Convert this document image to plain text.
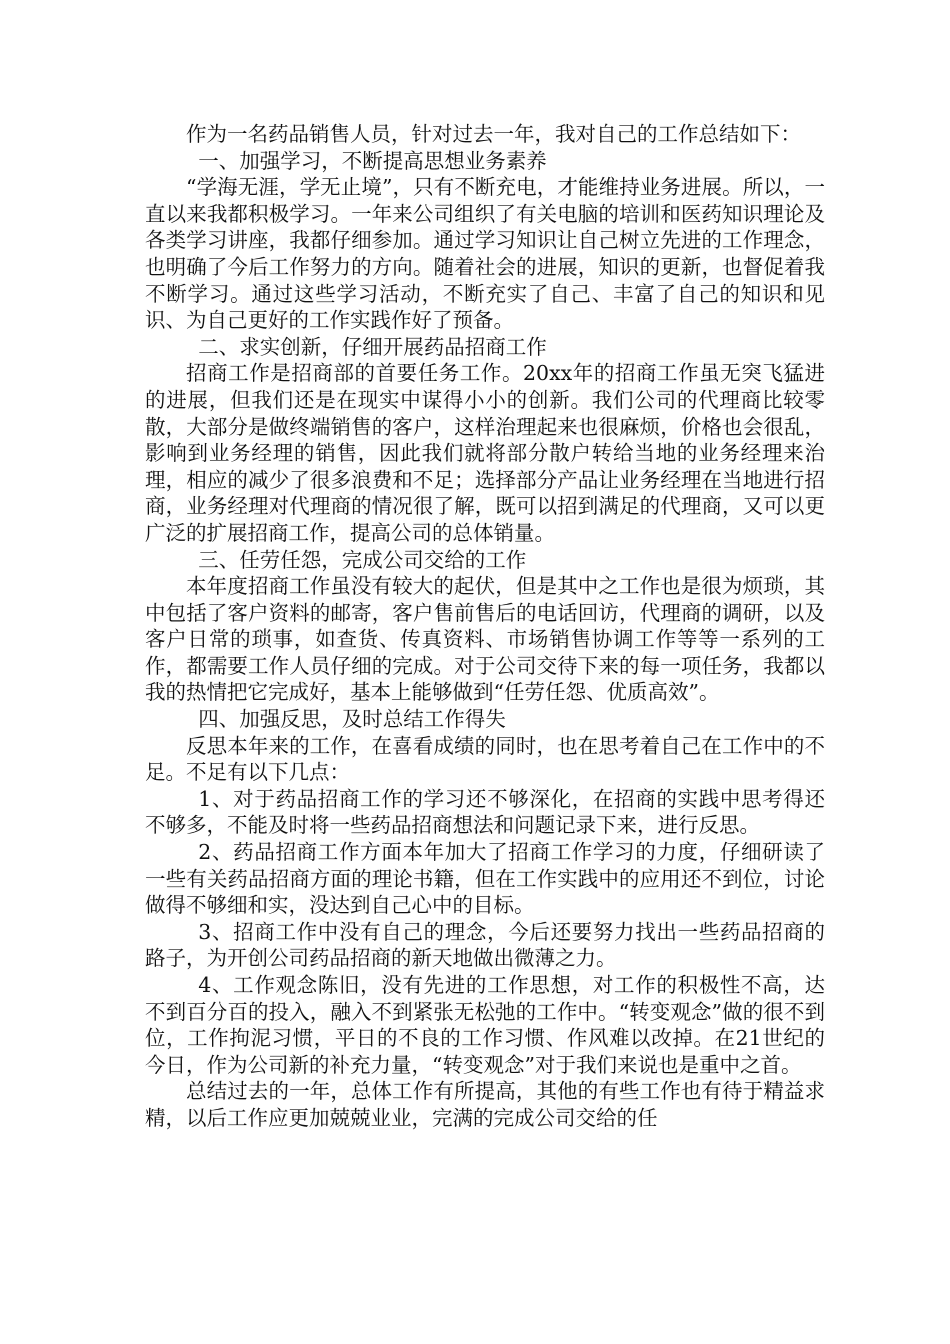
作为一名药品销售人员，针对过去一年，我对自己的工作总结如下：

一、加强学习，不断提高思想业务素养

“学海无涯，学无止境”，只有不断充电，才能维持业务进展。所以，一直以来我都积极学习。一年来公司组织了有关电脑的培训和医药知识理论及各类学习讲座，我都仔细参加。通过学习知识让自己树立先进的工作理念，也明确了今后工作努力的方向。随着社会的进展，知识的更新，也督促着我不断学习。通过这些学习活动，不断充实了自己、丰富了自己的知识和见识、为自己更好的工作实践作好了预备。

二、求实创新，仔细开展药品招商工作

招商工作是招商部的首要任务工作。20xx年的招商工作虽无突飞猛进的进展，但我们还是在现实中谋得小小的创新。我们公司的代理商比较零散，大部分是做终端销售的客户，这样治理起来也很麻烦，价格也会很乱，影响到业务经理的销售，因此我们就将部分散户转给当地的业务经理来治理，相应的减少了很多浪费和不足；选择部分产品让业务经理在当地进行招商，业务经理对代理商的情况很了解，既可以招到满足的代理商，又可以更广泛的扩展招商工作，提高公司的总体销量。

三、任劳任怨，完成公司交给的工作

本年度招商工作虽没有较大的起伏，但是其中之工作也是很为烦琐，其中包括了客户资料的邮寄，客户售前售后的电话回访，代理商的调研，以及客户日常的琐事，如查货、传真资料、市场销售协调工作等等一系列的工作，都需要工作人员仔细的完成。对于公司交待下来的每一项任务，我都以我的热情把它完成好，基本上能够做到“任劳任怨、优质高效”。

四、加强反思，及时总结工作得失

反思本年来的工作，在喜看成绩的同时，也在思考着自己在工作中的不足。不足有以下几点：

1、对于药品招商工作的学习还不够深化，在招商的实践中思考得还不够多，不能及时将一些药品招商想法和问题记录下来，进行反思。

2、药品招商工作方面本年加大了招商工作学习的力度，仔细研读了一些有关药品招商方面的理论书籍，但在工作实践中的应用还不到位，讨论做得不够细和实，没达到自己心中的目标。

3、招商工作中没有自己的理念，今后还要努力找出一些药品招商的路子，为开创公司药品招商的新天地做出微薄之力。

4、工作观念陈旧，没有先进的工作思想，对工作的积极性不高，达不到百分百的投入，融入不到紧张无松弛的工作中。“转变观念”做的很不到位，工作拘泥习惯，平日的不良的工作习惯、作风难以改掉。在21世纪的今日，作为公司新的补充力量，“转变观念”对于我们来说也是重中之首。

总结过去的一年，总体工作有所提高，其他的有些工作也有待于精益求精，以后工作应更加兢兢业业，完满的完成公司交给的任
